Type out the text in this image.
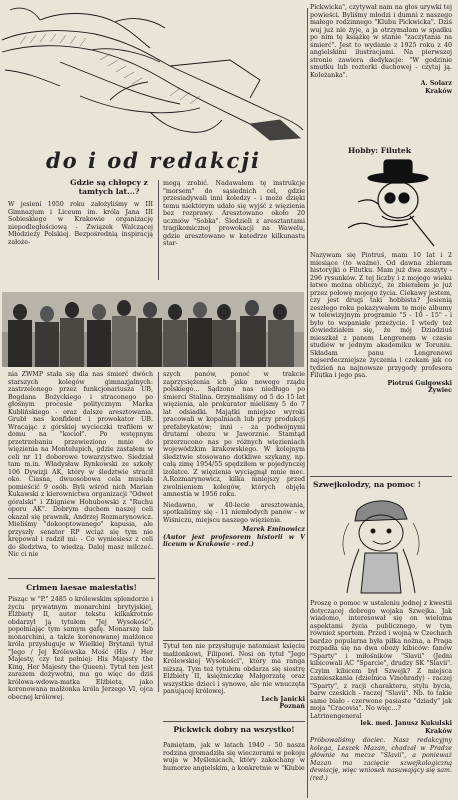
Pickwicka", czytywał nam na głos urywki tej powieści. Byliśmy młodzi i dumni z naszego małego rodzinnego "Klubu Pickwicka". Dziś wuj już nie żyje, a ja otrzymałam w spadku po nim tę książkę w stanie "zaczytania na śmierć". Jest to wydanie z 1925 roku z 40 angielskimi ilustracjami. Na pierwszej stronie zawiera dedykacje: "W godzinie smutku lub rozterki duchowej - czytaj ją. Koleżanka".
A. Solarz
Kraków
do i od redakcji	Hobby: Filutek
Nazywam się Piotruś, mam 10 lat i 2 miesiące (to ważne). Od dawna zbieram historyjki o Filutku. Mam już dwa zeszyty - 296 rysunków. Z tej liczby i z mojego wieku łatwo można obliczyć, że zbierałem je już przez połowę mojego życia. Ciekawy jestem, czy jest drugi taki hobbista? Jesienią zeszłego roku pokazywałem te moje albumy w telewizyjnym programie "5 - 10 - 15" - i było to wspaniałe przeżycie. I wtedy też dowiedziałem się, że mój Dziadziuś mieszkał z panem Lengrenem w czasie studiów w jednym akademiku w Toruniu. Składam panu Lengrenowi najserdeczniejsze życzenia i czekam jak co tydzień na najnowsze przygody profesora Filutka i jego psa.
Piotruś Gulgowski
Żywiec
Gdzie są chłopcy z tamtych lat...?
W jesieni 1950 roku założyliśmy w III Gimnazjum i Liceum im. króla Jana III Sobieskiego w Krakowie organizację niepodległościową - Związek Walczącej Młodzieży Polskiej. Bezpośrednią inspiracją założe-
mogą zrobić. Nadawałem tę instrukcje "morsem" do sąsiednich cel, gdzie przesiadywali inni koledzy - i może dzięki temu niektórym udało się wyjść z więzienia bez rozprawy. Aresztowano około 20 uczniów "Sobka". Śledzieli z aresztantami tragikomicznej prowokacji na Wawelu, gdzie aresztowano w katedrze kilkunastu star-
nia ZWMP stała się dla nas śmierć dwóch starszych kolegów gimnazjalnych: zastrzelonego przez funkcjonariusza UB, Bogdana Bożyckiego i straconego po głośnym procesie politycznym Marka Kublińskiego - oraz dalsze aresztowania. Grubł nas konfident i prowokator UB. Wracając z górskiej wycieczki trafiłem w domu na "kocioł". Po wstępnym przetrzebaniu przewieziono mnie do więzienia na Montelupich, gdzie zastałem w celi nr 11 doborowe towarzystwo. Siedział tam m.in. Władysław Rynkowski ze szkoły 106 Dywizji AK, który w śledztwie stracił oko. Ciasna, dwuosobowa cela musiała pomieścić 9 osób. Byli wśród nich Marian Kukawski z kierownictwa organizacji "Odwet góralski" i Zbigniew Hohubowski z "Ruchu oporu AK". Dobrym duchem naszej celi okazał się prawnik, Andrzej Rozmarynowicz. Mieliśmy "dokooptowanego" kapusia, ale przyszły senator RP wciąż się tym nie krępował i radził mi: - Co wyniesiesz z celi do śledztwa, to wiedzą. Dalej masz milczeć. Nic ci nie
szych panów, ponoć w trakcie zaprzysiężenia ich jako nowego rządu polskiego... Sądzono nas niedługo po śmierci Stalina. Orzymaliśmy od 5 do 15 lat więzienia, ale prokurator mieliśmy 5 do 7 lat odsiadki. Majątki mniejsze wyroki pracowali w kopalniach lub przy produkcji prefabrykatów; inni - za podwójnymi drutami obozu w Jaworznie. Stamtąd przerzucono nas po różnych więzieniach wojewódzkim krakowskiego. W kolejnym śledztwie stosowano dotkliwe szykany, np. całą zimę 1954/55 spędziłem w pojedynczej izolatce. Z więzienia wyciągnął mnie mec. A.Rozmarynowicz, kilka mniejszy przed zwolnieniem kolegów, których objęła amnestia w 1956 roku.
Niedawno, w 40-lecie aresztowania, spotkaliśmy się - 11 niemłodych panów - w Wiśniczu, miejscu naszego więzienia.
Marek Eminowicz
(Autor jest profesorem historii w V liceum w Krakowie - red.)
Crimen laesae maiestatis!
Pisząc w "P." 2485 o królewskim splendorze i życiu prywatnym monarchini brytyjskiej, Elżbiety II, autor tekstu kilkakrotnie obdarzył ją tytułem "Jej Wysokość", popełniając tym samym gafę. Monarszę lub monarchini, a także koronowanej małżonce króla przysługuje w Wielkiej Brytanii tytuł "Jego / Jej Królewska Mość (His / Her Majesty, czy też pełniej: His Majesty the King, Her Majesty the Queen). Tytuł ten jest zarazem dożywotni, ma go więc do dziś królowa-wdowa-matka Elżbieta, jako koronowana małżonka króla Jerzego VI, ojca obecnej królowej.
Tytuł ten nie przysługuje natomiast księciu małżonkowi, Filipowi. Nosi on tytuł "Jego Królewskiej Wysokości", który ma ranga niższą. Tym też tytułem obdarza się siostrę Elżbiety II, księżniczkę Małgorzatę oraz wszystkie dzieci i synowe, ale nie wnuczęta panującej królowej.
Lech Janicki
Poznań
Pickwick dobry na wszystko!
Pamiętam, jak w latach 1940 - 50 nasza rodzina gromadziła się wieczorami w pokoju wuja w Myślenicach, który zakochany w humorze angielskim, a konkretnie w "Klubie
Szwejkolodzy, na pomoc !
Proszę o pomoc w ustaleniu jednej z kwestii dotyczącej dobrego wojaka Szwejka. Jak wiadomo, interesował się on wieloma aspektami życia publicznego, w tym również sportem. Przed i wojną w Czechach bardzo popularna była piłka nożna, a Praga rozpadła się na dwa obozy kibiców: fanów "Sparty" i miłośników "Slavii" (Jedni kibicowali AC "Sparcie", drudzy SK "Slavii". Czyim kibicem był Szwejk? Z miejsca zamieszkania (dzielnica Vinohrady) - raczej "Sparty", z racji charakteru, stylu bycia, barw czeskich - raczej "Slavii". Nb. to takie same biało - czerwone pasiaste "dziady" jak moja "Cracovia". No więc...?
Latrinengeneral
lek. med. Janusz Kukulski
Kraków
Próbowaliśmy dociec. Nasz redakcyjny kolega, Leszek Mazan, chadzał w Pradze głównie na mecze "Slavii", a ponieważ Mazan ma zacięcie szwejkologiczną dewiację, więc wniosek nasuwający się sam.(red.)
